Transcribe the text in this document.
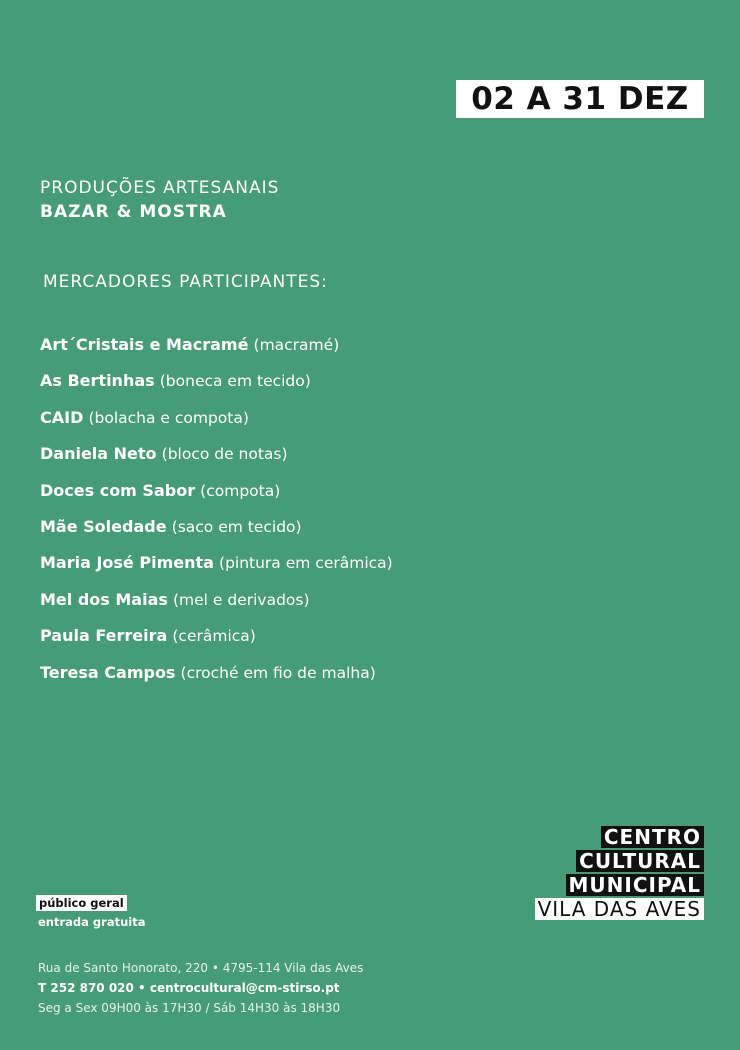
02 A 31 DEZ
PRODUÇÕES ARTESANAIS
BAZAR & MOSTRA
MERCADORES PARTICIPANTES:
Art´Cristais e Macramé (macramé)
As Bertinhas (boneca em tecido)
CAID (bolacha e compota)
Daniela Neto (bloco de notas)
Doces com Sabor (compota)
Mãe Soledade (saco em tecido)
Maria José Pimenta (pintura em cerâmica)
Mel dos Maias (mel e derivados)
Paula Ferreira (cerâmica)
Teresa Campos (croché em fio de malha)
CENTRO
CULTURAL
MUNICIPAL
VILA DAS AVES
público geral
entrada gratuita
Rua de Santo Honorato, 220 • 4795-114 Vila das Aves
T 252 870 020 • centrocultural@cm-stirso.pt
Seg a Sex 09H00 às 17H30 / Sáb 14H30 às 18H30
